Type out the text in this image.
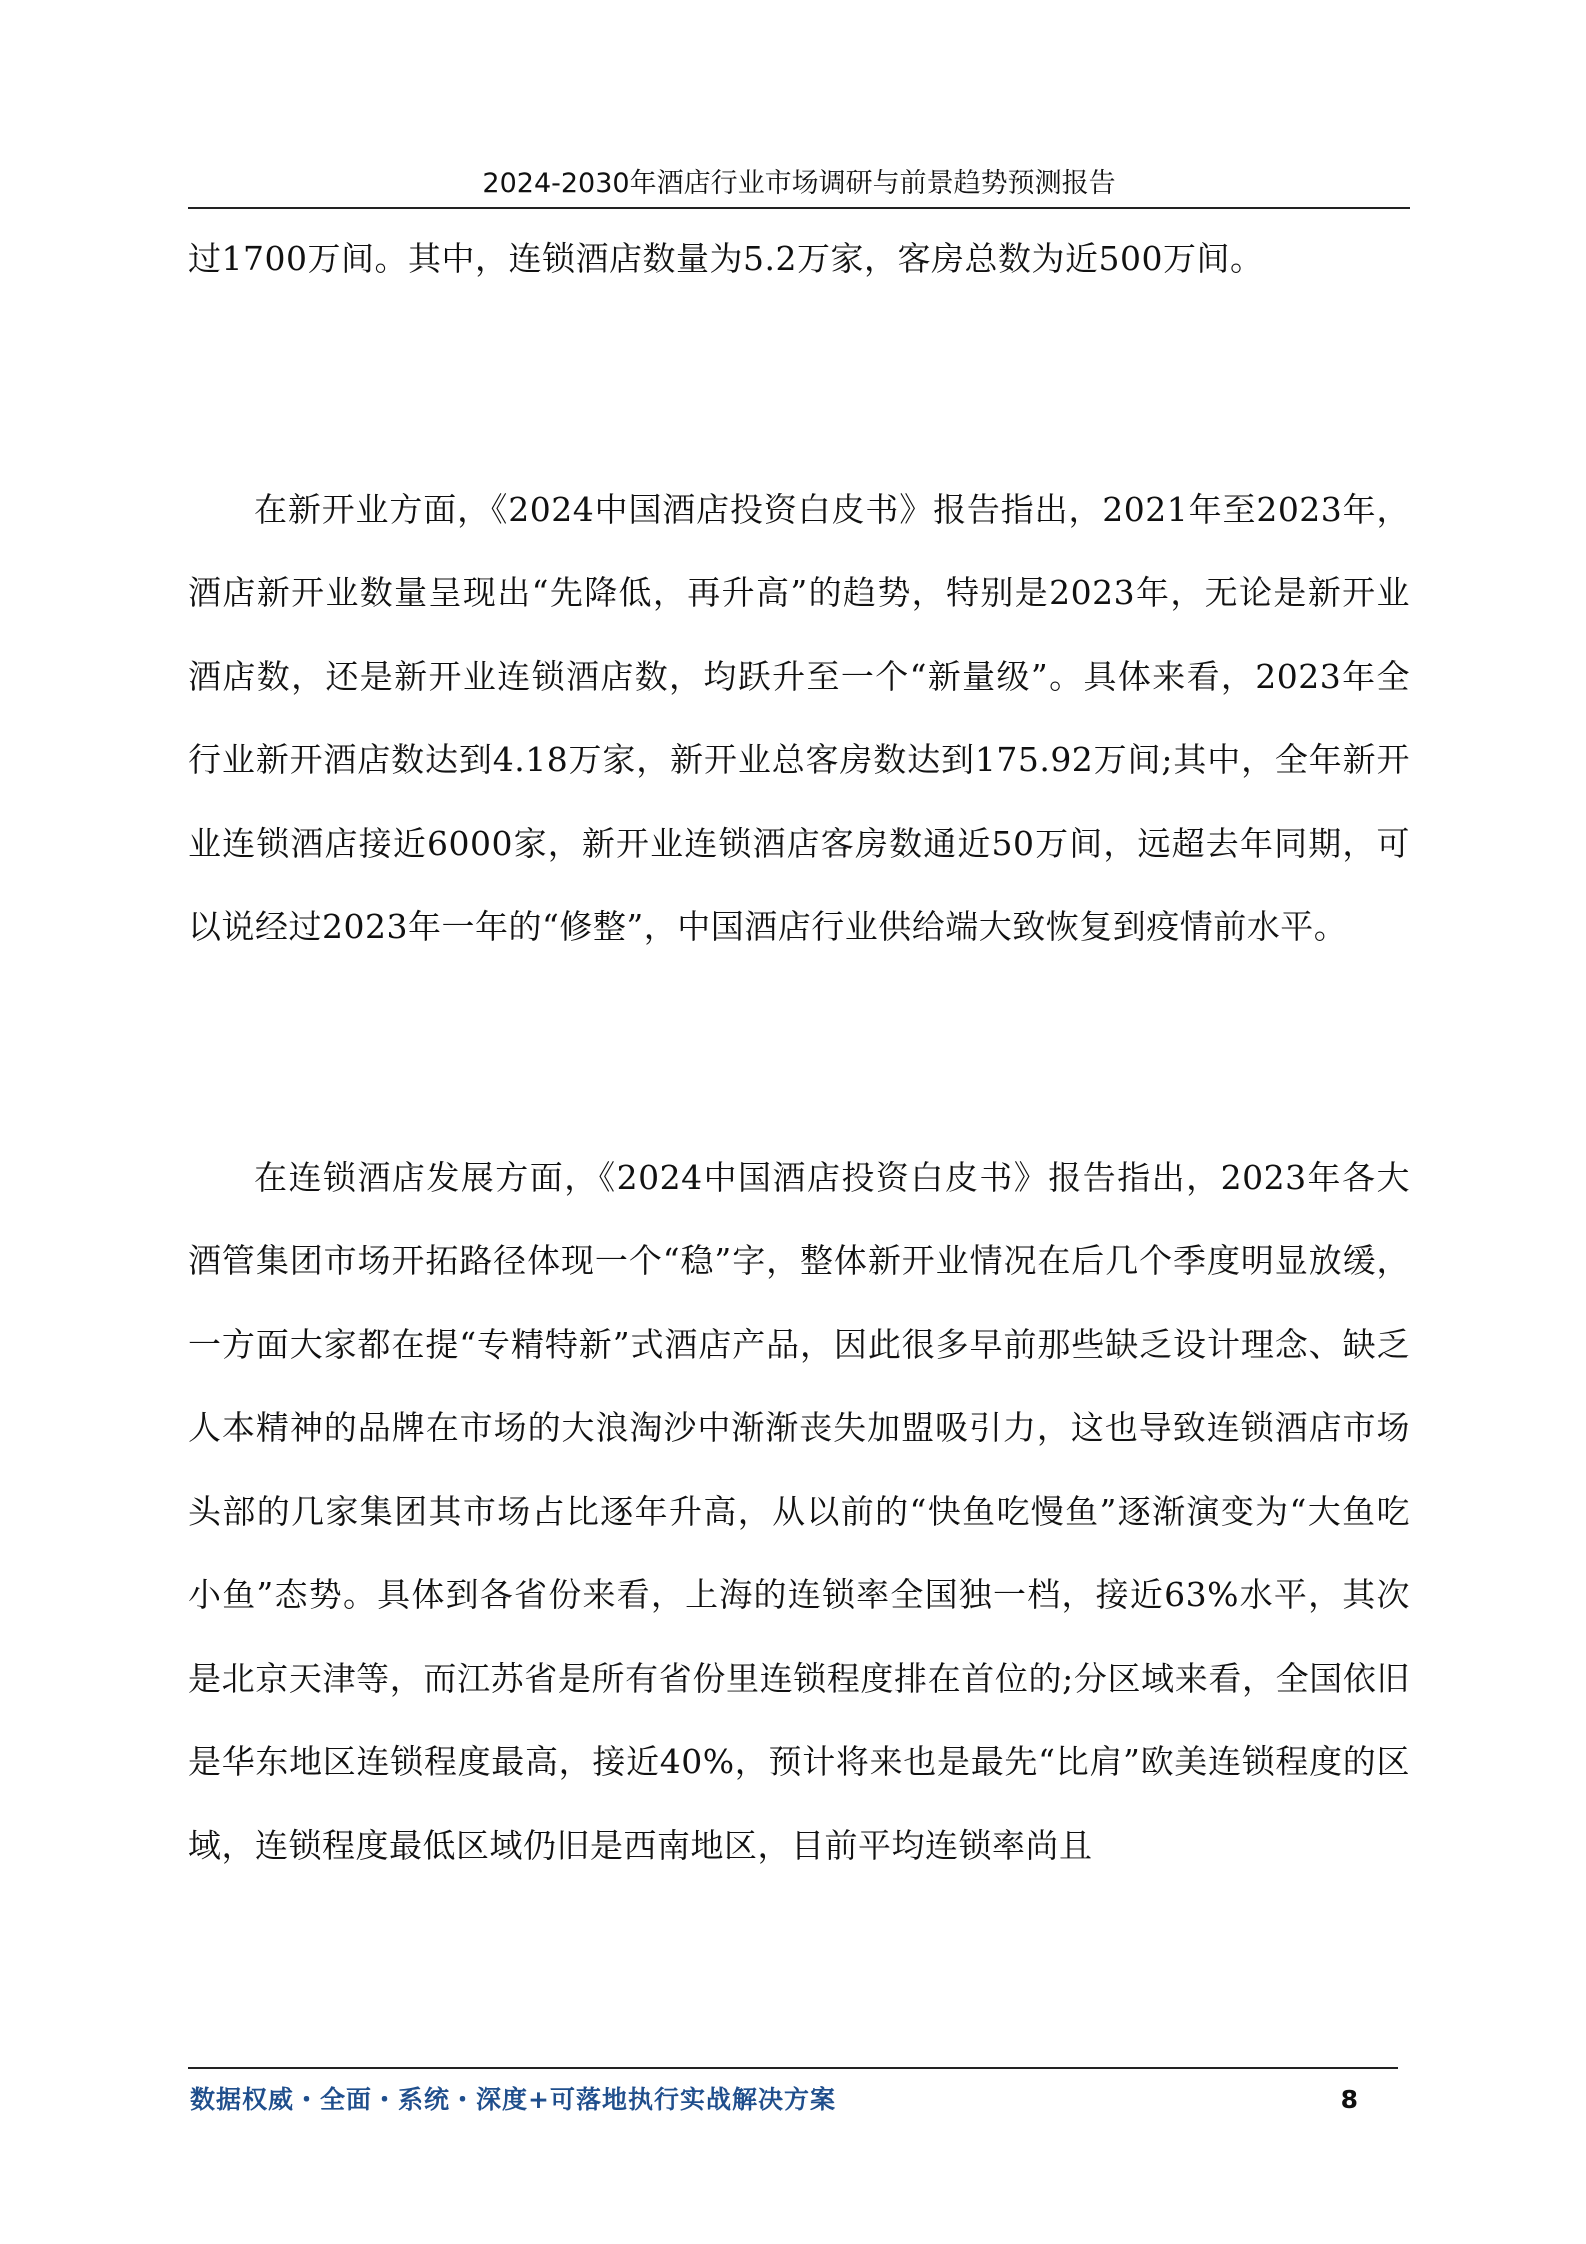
2024-2030年酒店行业市场调研与前景趋势预测报告

过1700万间。其中，连锁酒店数量为5.2万家，客房总数为近500万间。

在新开业方面，《2024中国酒店投资白皮书》报告指出，2021年至2023年，酒店新开业数量呈现出“先降低，再升高”的趋势，特别是2023年，无论是新开业酒店数，还是新开业连锁酒店数，均跃升至一个“新量级”。具体来看，2023年全行业新开酒店数达到4.18万家，新开业总客房数达到175.92万间;其中，全年新开业连锁酒店接近6000家，新开业连锁酒店客房数通近50万间，远超去年同期，可以说经过2023年一年的“修整”，中国酒店行业供给端大致恢复到疫情前水平。

在连锁酒店发展方面，《2024中国酒店投资白皮书》报告指出，2023年各大酒管集团市场开拓路径体现一个“稳”字，整体新开业情况在后几个季度明显放缓，一方面大家都在提“专精特新”式酒店产品，因此很多早前那些缺乏设计理念、缺乏人本精神的品牌在市场的大浪淘沙中渐渐丧失加盟吸引力，这也导致连锁酒店市场头部的几家集团其市场占比逐年升高，从以前的“快鱼吃慢鱼”逐渐演变为“大鱼吃小鱼”态势。具体到各省份来看，上海的连锁率全国独一档，接近63%水平，其次是北京天津等，而江苏省是所有省份里连锁程度排在首位的;分区域来看，全国依旧是华东地区连锁程度最高，接近40%，预计将来也是最先“比肩”欧美连锁程度的区域，连锁程度最低区域仍旧是西南地区，目前平均连锁率尚且

数据权威・全面・系统・深度+可落地执行实战解决方案	8
